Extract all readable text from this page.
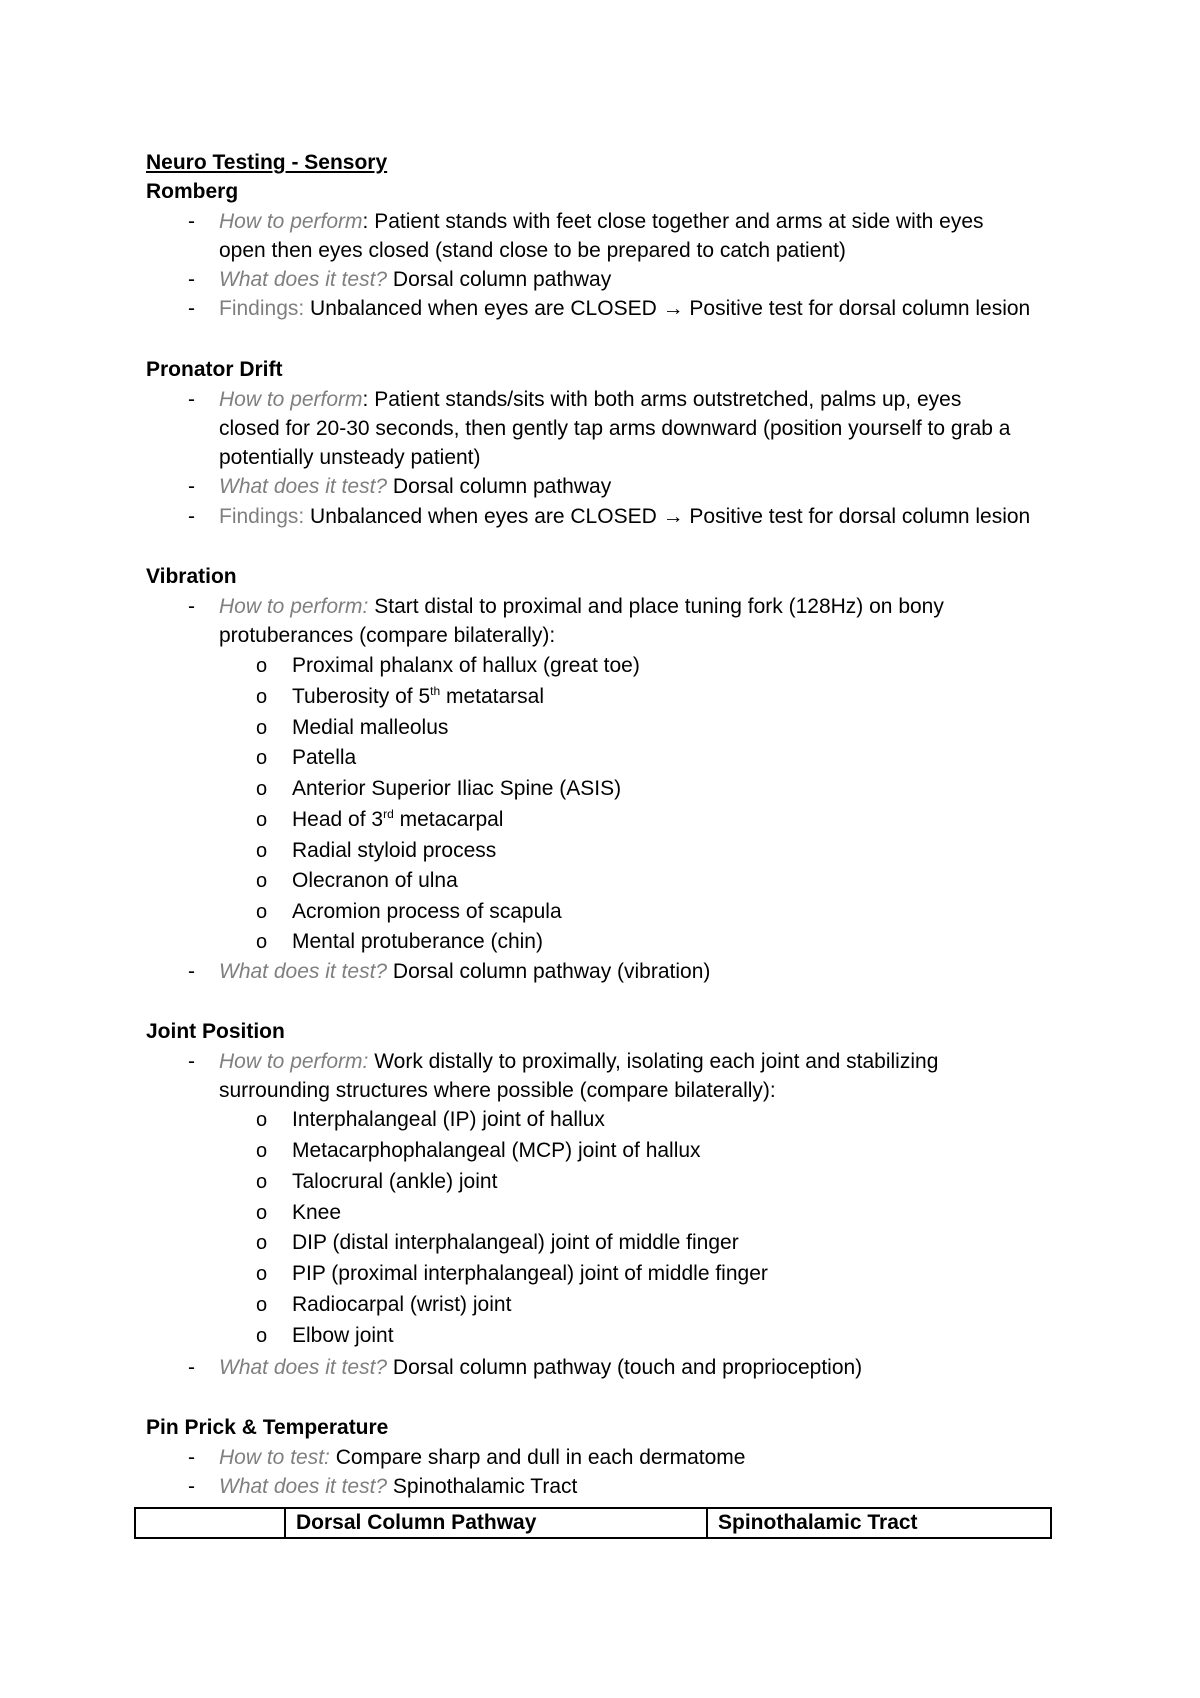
Neuro Testing - Sensory
Romberg
- How to perform: Patient stands with feet close together and arms at side with eyes
open then eyes closed (stand close to be prepared to catch patient)
- What does it test? Dorsal column pathway
- Findings: Unbalanced when eyes are CLOSED → Positive test for dorsal column lesion
Pronator Drift
- How to perform: Patient stands/sits with both arms outstretched, palms up, eyes
closed for 20-30 seconds, then gently tap arms downward (position yourself to grab a
potentially unsteady patient)
- What does it test? Dorsal column pathway
- Findings: Unbalanced when eyes are CLOSED → Positive test for dorsal column lesion
Vibration
- How to perform: Start distal to proximal and place tuning fork (128Hz) on bony
protuberances (compare bilaterally):
o Proximal phalanx of hallux (great toe)
o Tuberosity of 5th metatarsal
o Medial malleolus
o Patella
o Anterior Superior Iliac Spine (ASIS)
o Head of 3rd metacarpal
o Radial styloid process
o Olecranon of ulna
o Acromion process of scapula
o Mental protuberance (chin)
- What does it test? Dorsal column pathway (vibration)
Joint Position
- How to perform: Work distally to proximally, isolating each joint and stabilizing
surrounding structures where possible (compare bilaterally):
o Interphalangeal (IP) joint of hallux
o Metacarphophalangeal (MCP) joint of hallux
o Talocrural (ankle) joint
o Knee
o DIP (distal interphalangeal) joint of middle finger
o PIP (proximal interphalangeal) joint of middle finger
o Radiocarpal (wrist) joint
o Elbow joint
- What does it test? Dorsal column pathway (touch and proprioception)
Pin Prick & Temperature
- How to test: Compare sharp and dull in each dermatome
- What does it test? Spinothalamic Tract
	Dorsal Column Pathway	Spinothalamic Tract
